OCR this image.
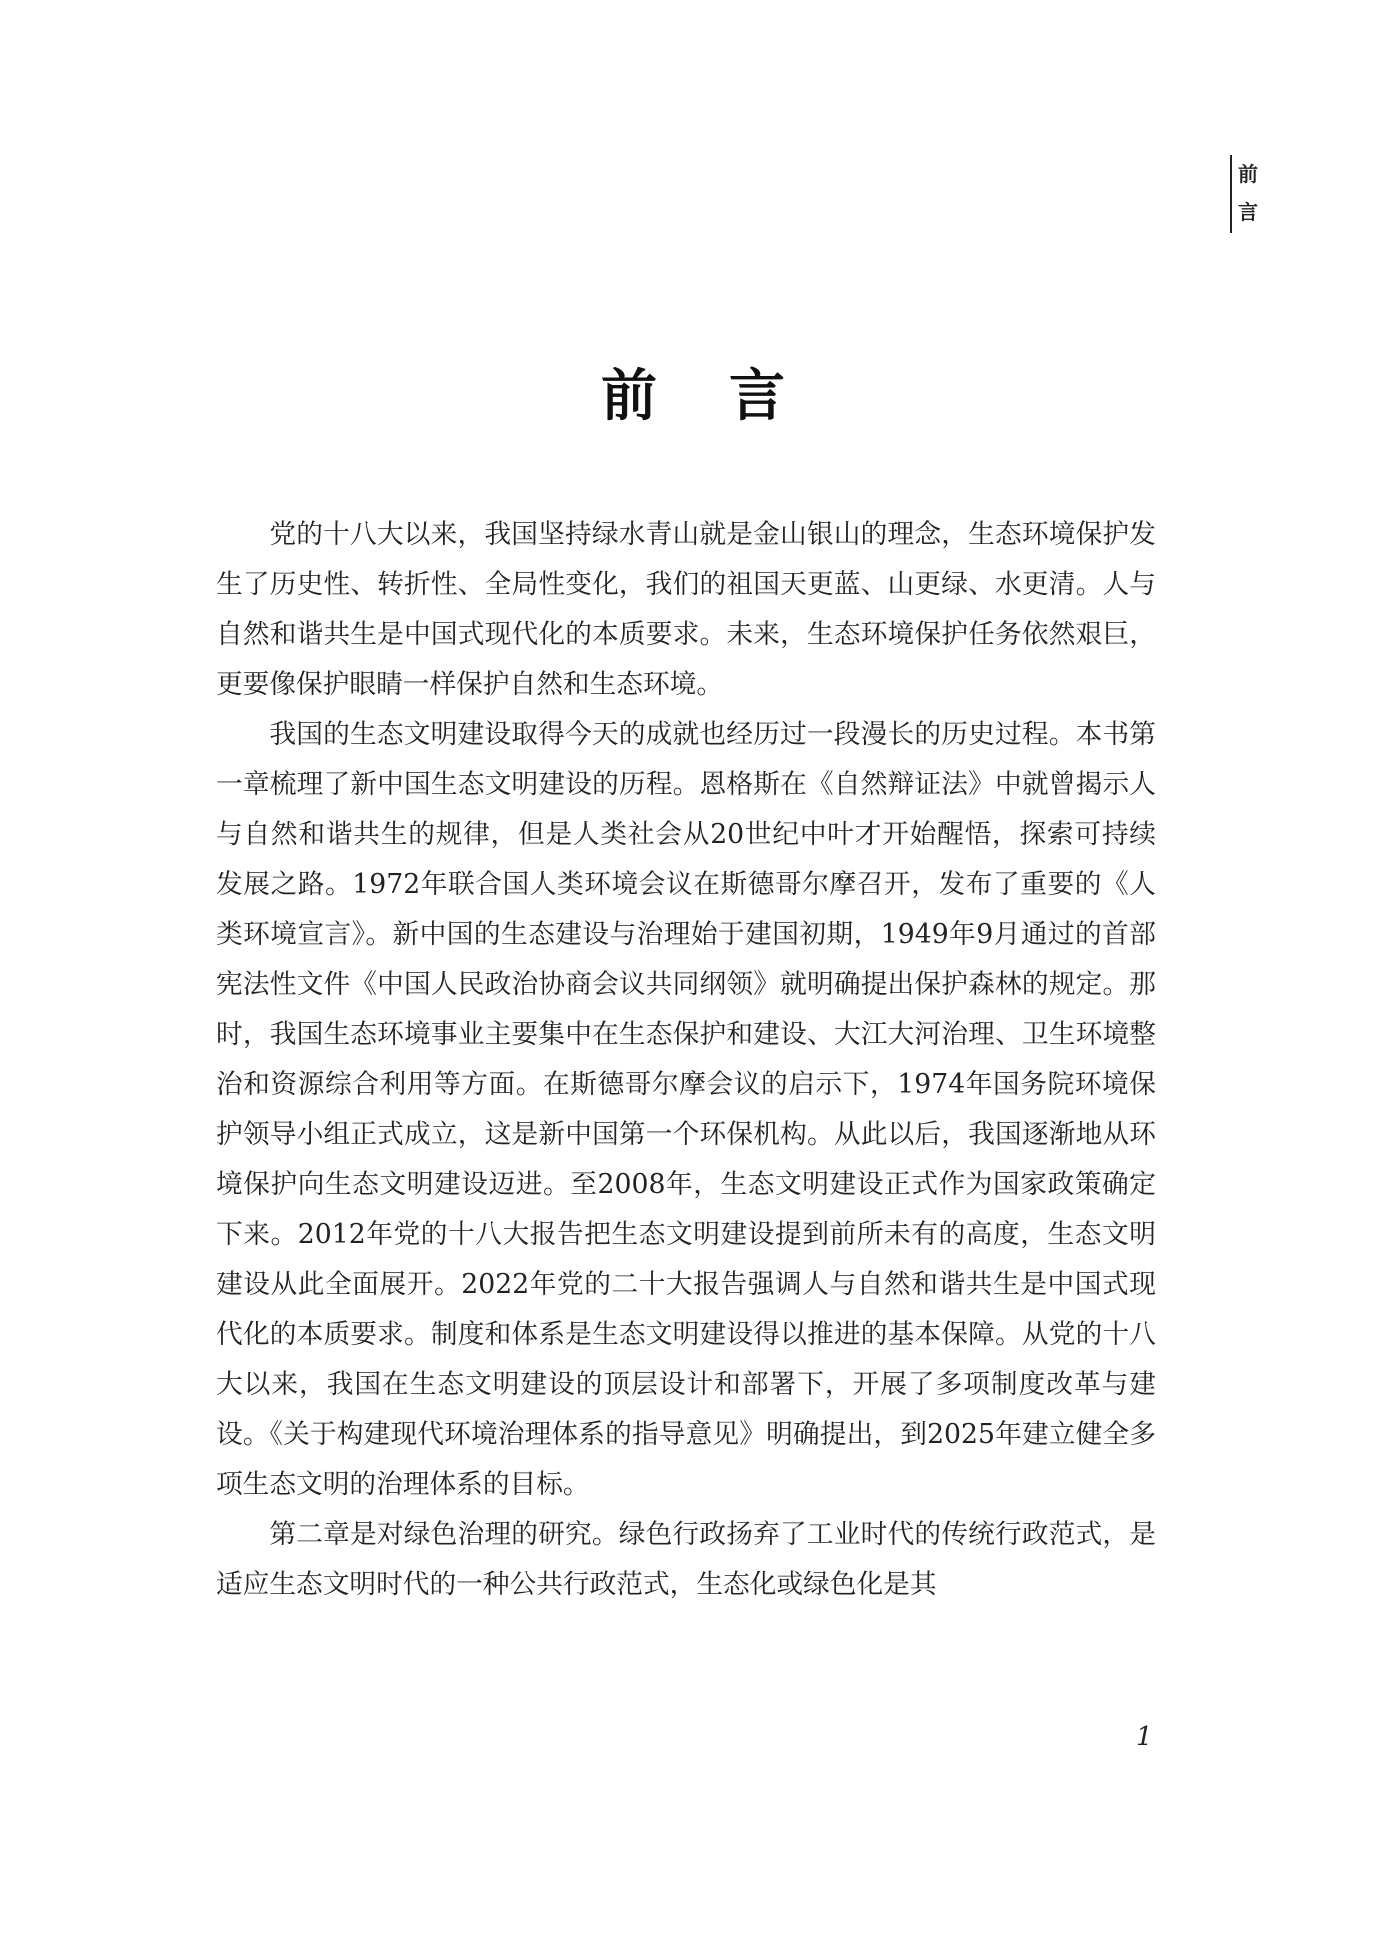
前
言
前言

党的十八大以来，我国坚持绿水青山就是金山银山的理念，生态环境保护发生了历史性、转折性、全局性变化，我们的祖国天更蓝、山更绿、水更清。人与自然和谐共生是中国式现代化的本质要求。未来，生态环境保护任务依然艰巨，更要像保护眼睛一样保护自然和生态环境。

我国的生态文明建设取得今天的成就也经历过一段漫长的历史过程。本书第一章梳理了新中国生态文明建设的历程。恩格斯在《自然辩证法》中就曾揭示人与自然和谐共生的规律，但是人类社会从20世纪中叶才开始醒悟，探索可持续发展之路。1972年联合国人类环境会议在斯德哥尔摩召开，发布了重要的《人类环境宣言》。新中国的生态建设与治理始于建国初期，1949年9月通过的首部宪法性文件《中国人民政治协商会议共同纲领》就明确提出保护森林的规定。那时，我国生态环境事业主要集中在生态保护和建设、大江大河治理、卫生环境整治和资源综合利用等方面。在斯德哥尔摩会议的启示下，1974年国务院环境保护领导小组正式成立，这是新中国第一个环保机构。从此以后，我国逐渐地从环境保护向生态文明建设迈进。至2008年，生态文明建设正式作为国家政策确定下来。2012年党的十八大报告把生态文明建设提到前所未有的高度，生态文明建设从此全面展开。2022年党的二十大报告强调人与自然和谐共生是中国式现代化的本质要求。制度和体系是生态文明建设得以推进的基本保障。从党的十八大以来，我国在生态文明建设的顶层设计和部署下，开展了多项制度改革与建设。《关于构建现代环境治理体系的指导意见》明确提出，到2025年建立健全多项生态文明的治理体系的目标。

第二章是对绿色治理的研究。绿色行政扬弃了工业时代的传统行政范式，是适应生态文明时代的一种公共行政范式，生态化或绿色化是其

1
